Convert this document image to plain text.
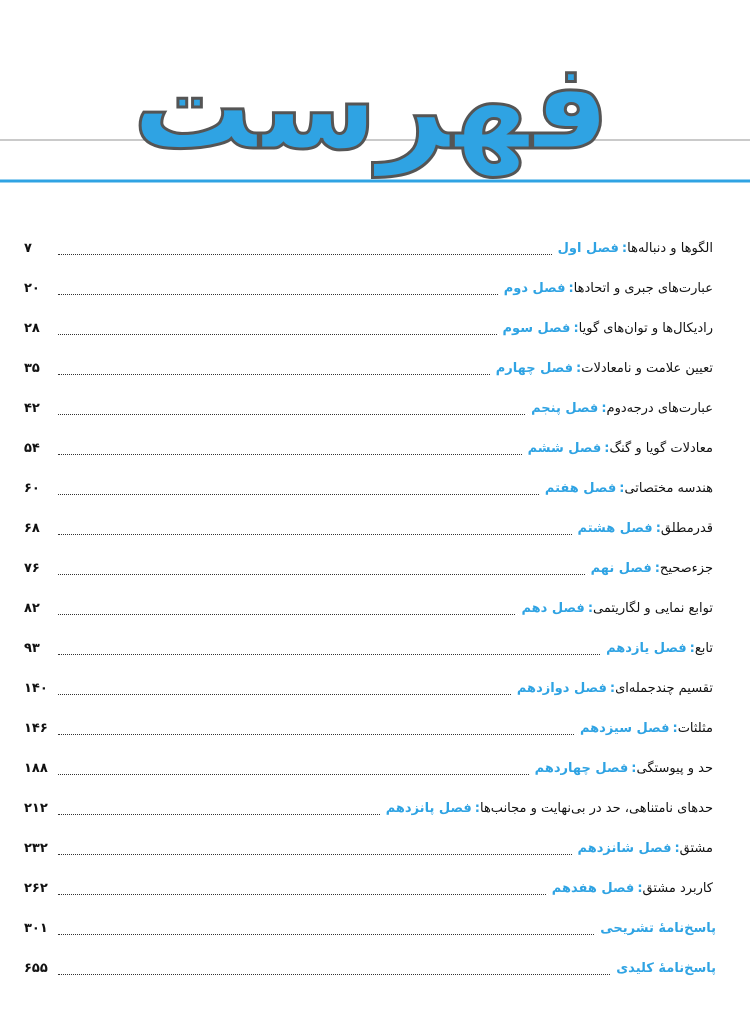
فهرست
فصل اول : الگوها و دنباله‌ها
۷
فصل دوم : عبارت‌های جبری و اتحادها
۲۰
فصل سوم : رادیکال‌ها و توان‌های گویا
۲۸
فصل چهارم : تعیین علامت و نامعادلات
۳۵
فصل پنجم : عبارت‌های درجه‌دوم
۴۲
فصل ششم : معادلات گویا و گنگ
۵۴
فصل هفتم : هندسه مختصاتی
۶۰
فصل هشتم : قدرمطلق
۶۸
فصل نهم : جزءصحیح
۷۶
فصل دهم : توابع نمایی و لگاریتمی
۸۲
فصل یازدهم : تابع
۹۳
فصل دوازدهم : تقسیم چندجمله‌ای
۱۴۰
فصل سیزدهم : مثلثات
۱۴۶
فصل چهاردهم : حد و پیوستگی
۱۸۸
فصل پانزدهم : حدهای نامتناهی، حد در بی‌نهایت و مجانب‌ها
۲۱۲
فصل شانزدهم : مشتق
۲۳۲
فصل هفدهم : کاربرد مشتق
۲۶۲
پاسخ‌نامهٔ تشریحی
۳۰۱
پاسخ‌نامهٔ کلیدی
۶۵۵
